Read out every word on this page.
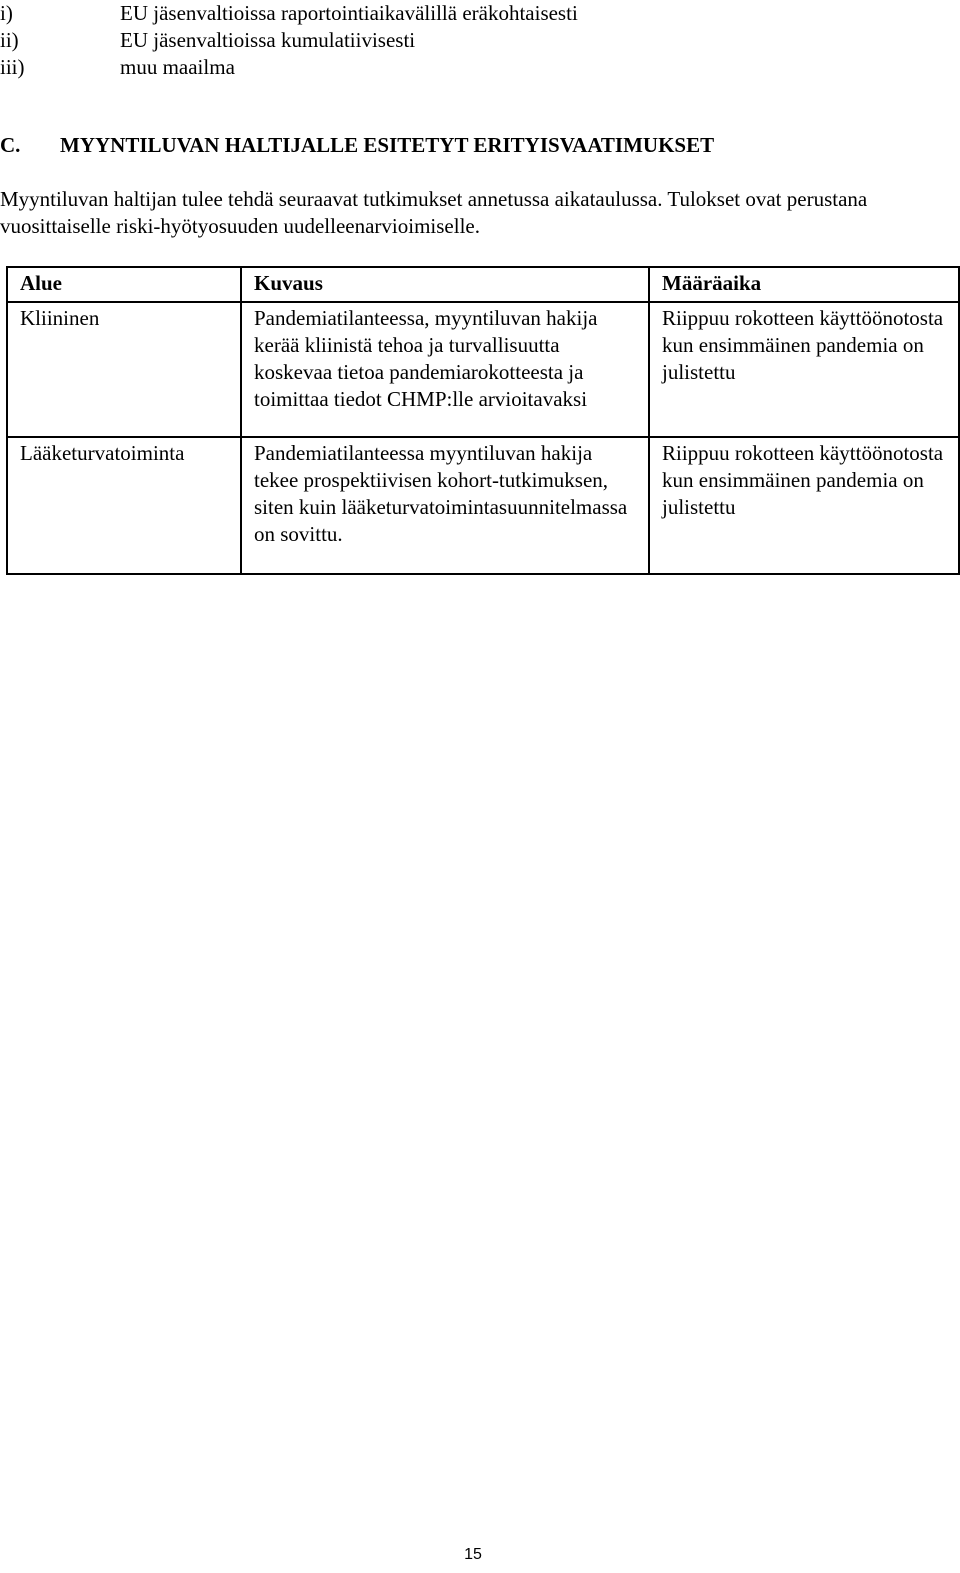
i)	EU jäsenvaltioissa raportointiaikavälillä eräkohtaisesti
ii)	EU jäsenvaltioissa kumulatiivisesti
iii)	muu maailma
C.	MYYNTILUVAN HALTIJALLE ESITETYT ERITYISVAATIMUKSET
Myyntiluvan haltijan tulee tehdä seuraavat tutkimukset annetussa aikataulussa. Tulokset ovat perustana vuosittaiselle riski-hyötyosuuden uudelleenarvioimiselle.
Alue	Kuvaus	Määräaika
Kliininen	Pandemiatilanteessa, myyntiluvan hakija kerää kliinistä tehoa ja turvallisuutta koskevaa tietoa pandemiarokotteesta ja toimittaa tiedot CHMP:lle arvioitavaksi	Riippuu rokotteen käyttöönotosta kun ensimmäinen pandemia on julistettu
Lääketurvatoiminta	Pandemiatilanteessa myyntiluvan hakija tekee prospektiivisen kohort-tutkimuksen, siten kuin lääketurvatoimintasuunnitelmassa on sovittu.	Riippuu rokotteen käyttöönotosta kun ensimmäinen pandemia on julistettu
15
